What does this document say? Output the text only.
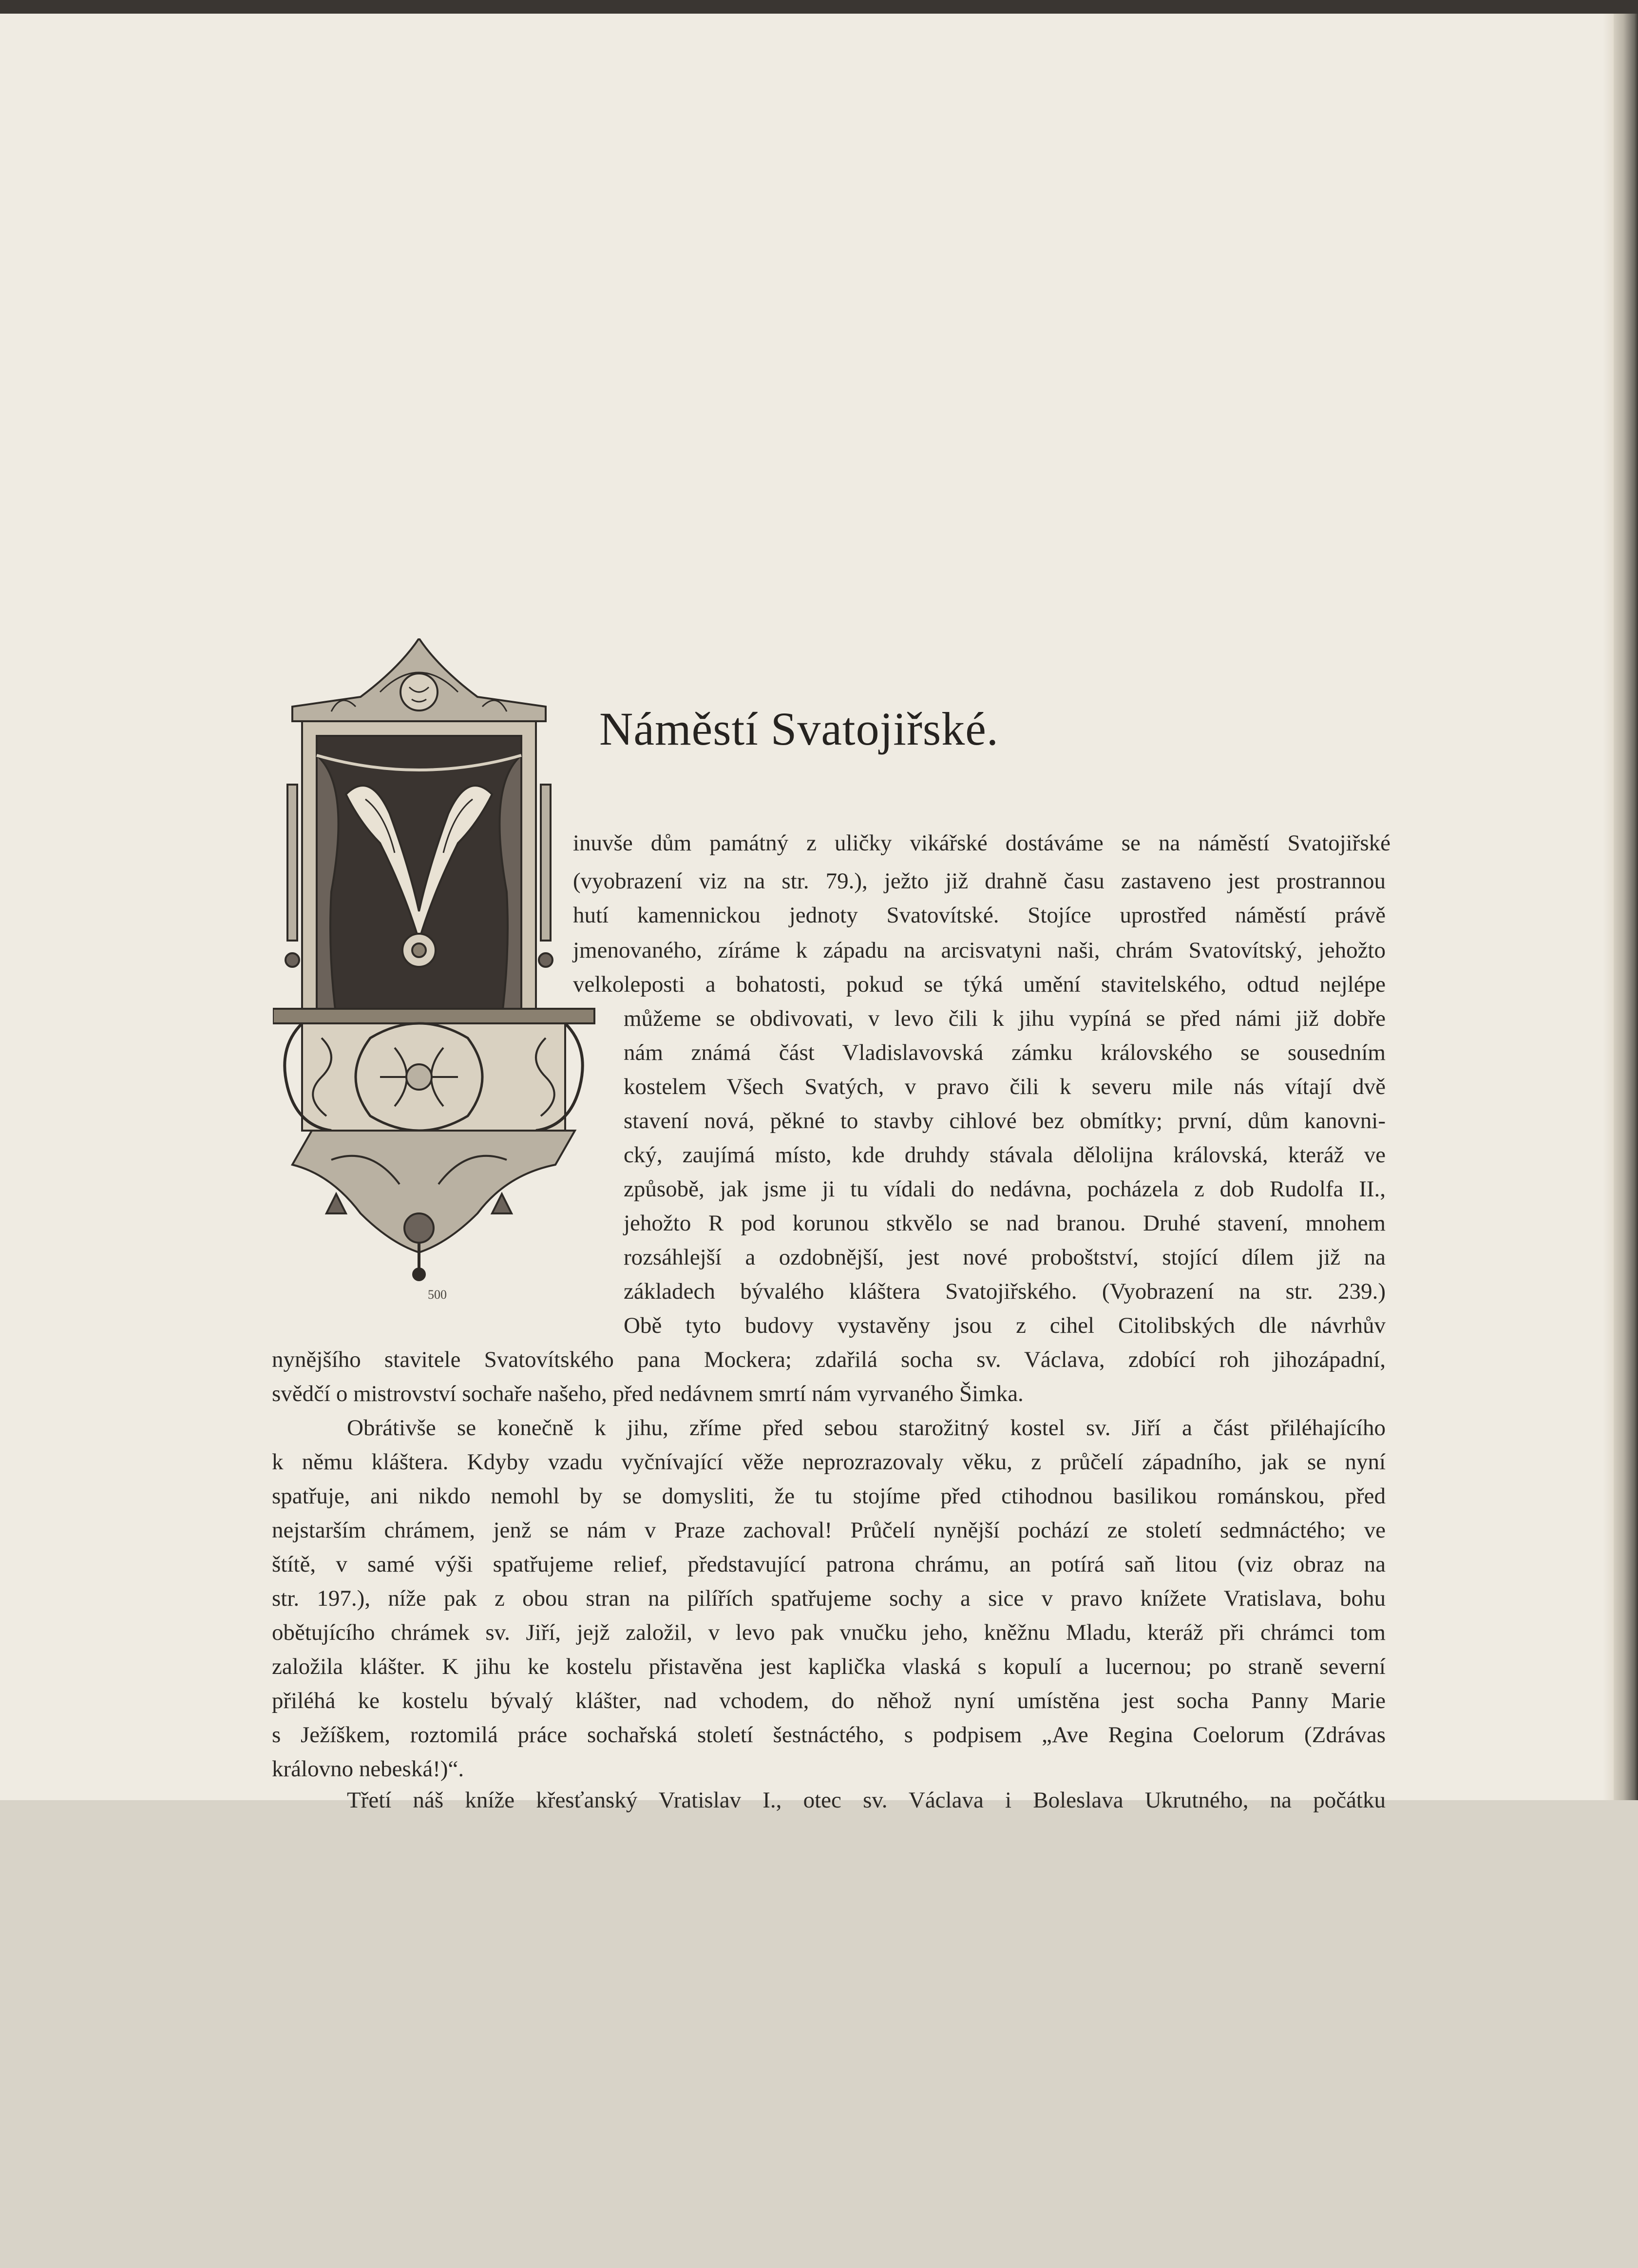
Náměstí Svatojiřské.

500

inuvše dům památný z uličky vikářské dostáváme se na náměstí Svatojiřské

(vyobrazení viz na str. 79.), ježto již drahně času zastaveno jest prostrannou

hutí kamennickou jednoty Svatovítské. Stojíce uprostřed náměstí právě

jmenovaného, zíráme k západu na arcisvatyni naši, chrám Svatovítský, jehožto

velkoleposti a bohatosti, pokud se týká umění stavitelského, odtud nejlépe

můžeme se obdivovati, v levo čili k jihu vypíná se před námi již dobře

nám známá část Vladislavovská zámku královského se sousedním

kostelem Všech Svatých, v pravo čili k severu mile nás vítají dvě

stavení nová, pěkné to stavby cihlové bez obmítky; první, dům kanovni-

cký, zaujímá místo, kde druhdy stávala dělolijna královská, kteráž ve

způsobě, jak jsme ji tu vídali do nedávna, pocházela z dob Rudolfa II.,

jehožto R pod korunou stkvělo se nad branou. Druhé stavení, mnohem

rozsáhlejší a ozdobnější, jest nové proboštství, stojící dílem již na

základech bývalého kláštera Svatojiřského. (Vyobrazení na str. 239.)

Obě tyto budovy vystavěny jsou z cihel Citolibských dle návrhův

nynějšího stavitele Svatovítského pana Mockera; zdařilá socha sv. Václava, zdobící roh jihozápadní,

svědčí o mistrovství sochaře našeho, před nedávnem smrtí nám vyrvaného Šimka.

Obrátivše se konečně k jihu, zříme před sebou starožitný kostel sv. Jiří a část přiléhajícího

k němu kláštera. Kdyby vzadu vyčnívající věže neprozrazovaly věku, z průčelí západního, jak se nyní

spatřuje, ani nikdo nemohl by se domysliti, že tu stojíme před ctihodnou basilikou románskou, před

nejstarším chrámem, jenž se nám v Praze zachoval! Průčelí nynější pochází ze století sedmnáctého; ve

štítě, v samé výši spatřujeme relief, představující patrona chrámu, an potírá saň litou (viz obraz na

str. 197.), níže pak z obou stran na pilířích spatřujeme sochy a sice v pravo knížete Vratislava, bohu

obětujícího chrámek sv. Jiří, jejž založil, v levo pak vnučku jeho, kněžnu Mladu, kteráž při chrámci tom

založila klášter. K jihu ke kostelu přistavěna jest kaplička vlaská s kopulí a lucernou; po straně severní

přiléhá ke kostelu bývalý klášter, nad vchodem, do něhož nyní umístěna jest socha Panny Marie

s Ježíškem, roztomilá práce sochařská století šestnáctého, s podpisem „Ave Regina Coelorum (Zdrávas

královno nebeská!)“.

Třetí náš kníže křesťanský Vratislav I., otec sv. Václava i Boleslava Ukrutného, na počátku
